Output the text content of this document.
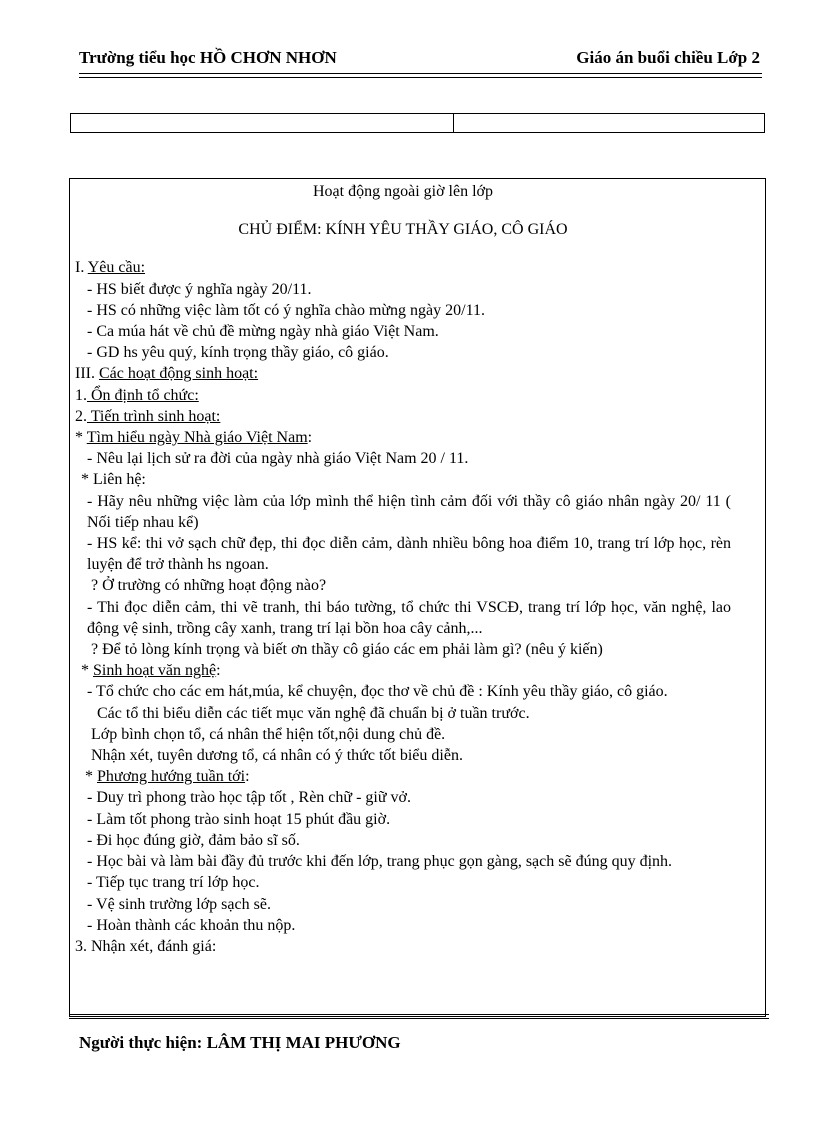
Trường tiểu học HỒ CHƠN NHƠN	Giáo án buổi chiều Lớp 2
Hoạt động ngoài giờ lên lớp
CHỦ ĐIỂM: KÍNH YÊU THẦY GIÁO, CÔ GIÁO
I. Yêu cầu:
- HS biết được ý nghĩa ngày 20/11.
- HS có những việc làm tốt có ý nghĩa chào mừng ngày 20/11.
- Ca múa hát về chủ đề mừng ngày nhà giáo Việt Nam.
- GD hs yêu quý, kính trọng thầy giáo, cô giáo.
III. Các hoạt động sinh hoạt:
1. Ổn định tổ chức:
2. Tiến trình sinh hoạt:
* Tìm hiểu ngày Nhà giáo Việt Nam:
- Nêu lại lịch sử ra đời của ngày nhà giáo Việt Nam 20 / 11.
* Liên hệ:
- Hãy nêu những việc làm của lớp mình thể hiện tình cảm đối với thầy cô giáo nhân ngày 20/ 11 ( Nối tiếp nhau kể)
- HS kể: thi vở sạch chữ đẹp, thi đọc diễn cảm, dành nhiều bông hoa điểm 10, trang trí lớp học, rèn luyện để trở thành hs ngoan.
? Ở trường có những hoạt động nào?
- Thi đọc diễn cảm, thi vẽ tranh, thi báo tường, tổ chức thi VSCĐ, trang trí lớp học, văn nghệ, lao động vệ sinh, trồng cây xanh, trang trí lại bồn hoa cây cảnh,...
? Để tỏ lòng kính trọng và biết ơn thầy cô giáo các em phải làm gì? (nêu ý kiến)
* Sinh hoạt văn nghệ:
- Tổ chức cho các em hát,múa, kể chuyện, đọc thơ về chủ đề : Kính yêu thầy giáo, cô giáo.
Các tổ thi biểu diễn các tiết mục văn nghệ đã chuẩn bị ở tuần trước.
Lớp bình chọn tổ, cá nhân thể hiện tốt,nội dung chủ đề.
Nhận xét, tuyên dương tổ, cá nhân có ý thức tốt biểu diễn.
* Phương hướng tuần tới:
- Duy trì phong trào học tập tốt , Rèn chữ - giữ vở.
- Làm tốt phong trào sinh hoạt 15 phút đầu giờ.
- Đi học đúng giờ, đảm bảo sĩ số.
- Học bài và làm bài đầy đủ trước khi đến lớp, trang phục gọn gàng, sạch sẽ đúng quy định.
- Tiếp tục trang trí lớp học.
- Vệ sinh trường lớp sạch sẽ.
- Hoàn thành các khoản thu nộp.
3. Nhận xét, đánh giá:
Người thực hiện: LÂM THỊ MAI PHƯƠNG
